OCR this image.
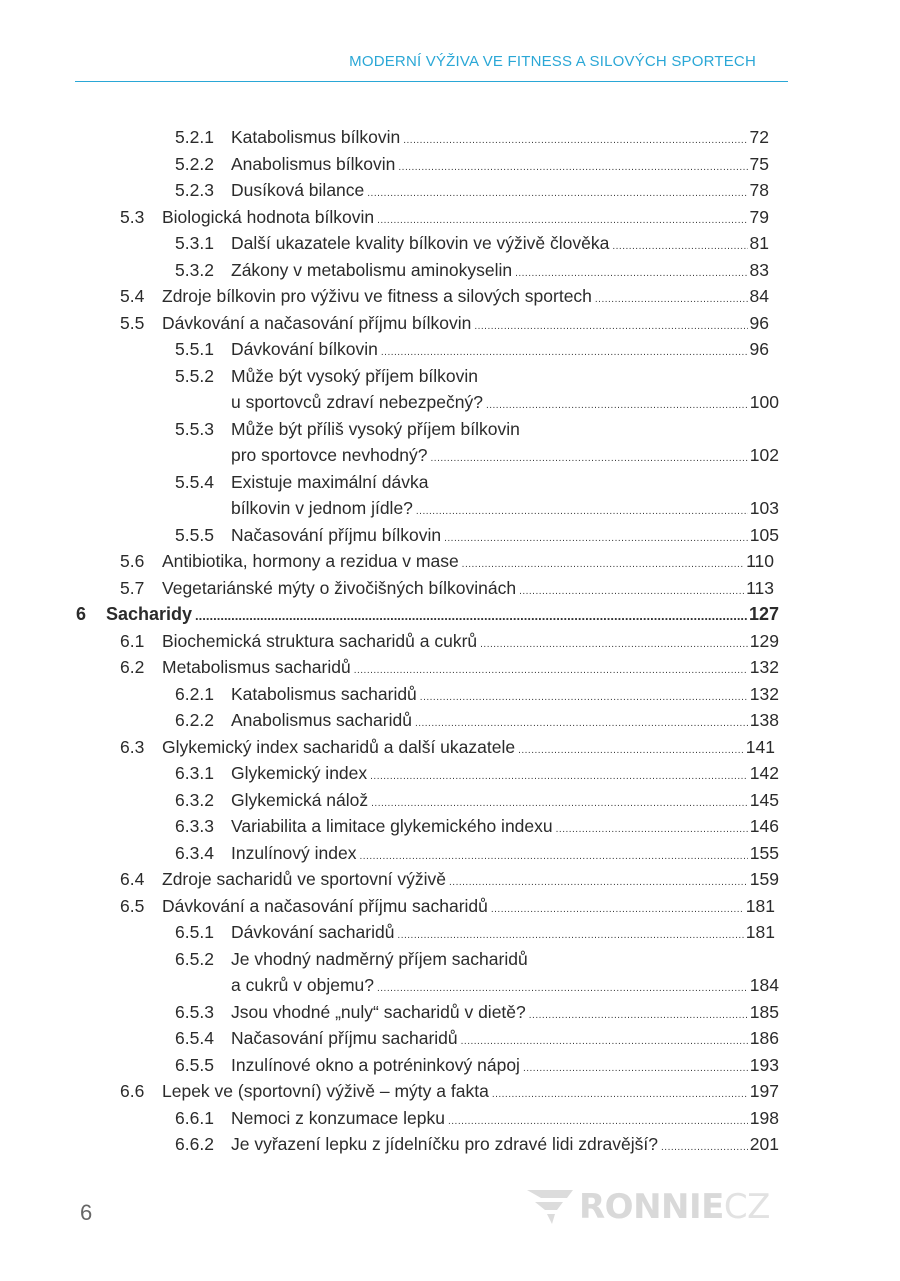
MODERNÍ VÝŽIVA VE FITNESS A SILOVÝCH SPORTECH
5.2.1 Katabolismus bílkovin .....	72
5.2.2 Anabolismus bílkovin .....	75
5.2.3 Dusíková bilance .....	78
5.3 Biologická hodnota bílkovin .....	79
5.3.1 Další ukazatele kvality bílkovin ve výživě člověka .....	81
5.3.2 Zákony v metabolismu aminokyselin .....	83
5.4 Zdroje bílkovin pro výživu ve fitness a silových sportech .....	84
5.5 Dávkování a načasování příjmu bílkovin .....	96
5.5.1 Dávkování bílkovin .....	96
5.5.2 Může být vysoký příjem bílkovin
u sportovců zdraví nebezpečný? .....	100
5.5.3 Může být příliš vysoký příjem bílkovin
pro sportovce nevhodný? .....	102
5.5.4 Existuje maximální dávka
bílkovin v jednom jídle? .....	103
5.5.5 Načasování příjmu bílkovin .....	105
5.6 Antibiotika, hormony a rezidua v mase .....	110
5.7 Vegetariánské mýty o živočišných bílkovinách .....	113
6 Sacharidy .....	127
6.1 Biochemická struktura sacharidů a cukrů .....	129
6.2 Metabolismus sacharidů .....	132
6.2.1 Katabolismus sacharidů .....	132
6.2.2 Anabolismus sacharidů .....	138
6.3 Glykemický index sacharidů a další ukazatele .....	141
6.3.1 Glykemický index .....	142
6.3.2 Glykemická nálož .....	145
6.3.3 Variabilita a limitace glykemického indexu .....	146
6.3.4 Inzulínový index .....	155
6.4 Zdroje sacharidů ve sportovní výživě .....	159
6.5 Dávkování a načasování příjmu sacharidů .....	181
6.5.1 Dávkování sacharidů .....	181
6.5.2 Je vhodný nadměrný příjem sacharidů
a cukrů v objemu? .....	184
6.5.3 Jsou vhodné „nuly“ sacharidů v dietě? .....	185
6.5.4 Načasování příjmu sacharidů .....	186
6.5.5 Inzulínové okno a potréninkový nápoj .....	193
6.6 Lepek ve (sportovní) výživě – mýty a fakta .....	197
6.6.1 Nemoci z konzumace lepku .....	198
6.6.2 Je vyřazení lepku z jídelníčku pro zdravé lidi zdravější? .....	201
6	RONNIECZ
